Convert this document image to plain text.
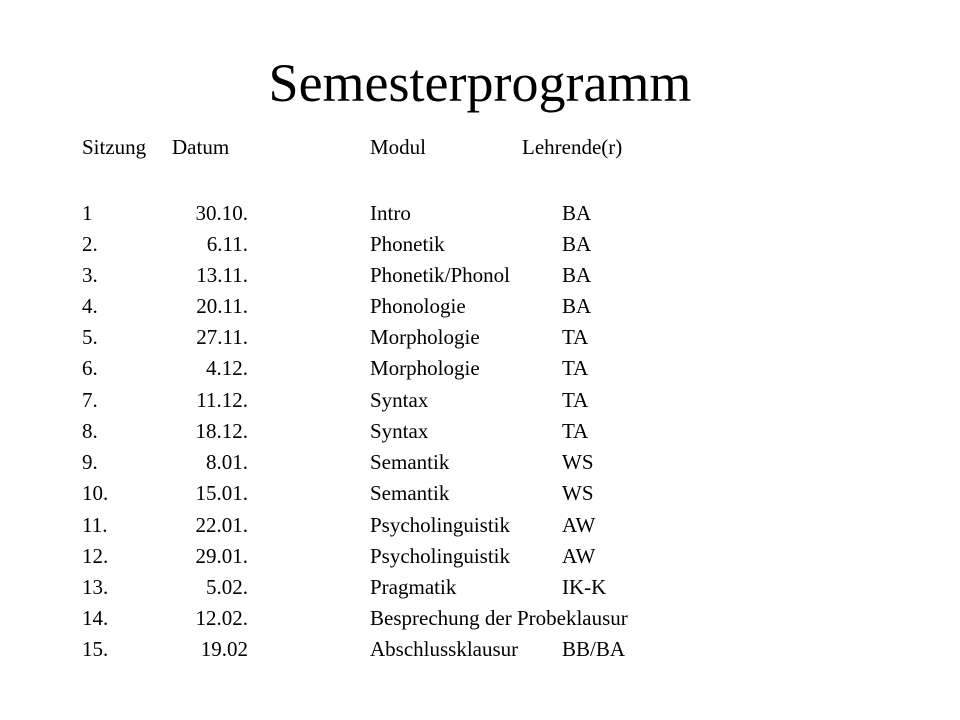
Semesterprogramm
Sitzung Datum	Modul	Lehrende(r)
1	30.10.	Intro	BA
2.	6.11.	Phonetik	BA
3.	13.11.	Phonetik/Phonol BA
4.	20.11.	Phonologie	BA
5.	27.11.	Morphologie	TA
6.	4.12.	Morphologie	TA
7.	11.12.	Syntax	TA
8.	18.12.	Syntax	TA
9.	8.01.	Semantik	WS
10.	15.01.	Semantik	WS
11.	22.01.	Psycholinguistik AW
12.	29.01.	Psycholinguistik AW
13.	5.02.	Pragmatik	IK-K
14.	12.02.	Besprechung der Probeklausur
15.	19.02	Abschlussklausur BB/BA
